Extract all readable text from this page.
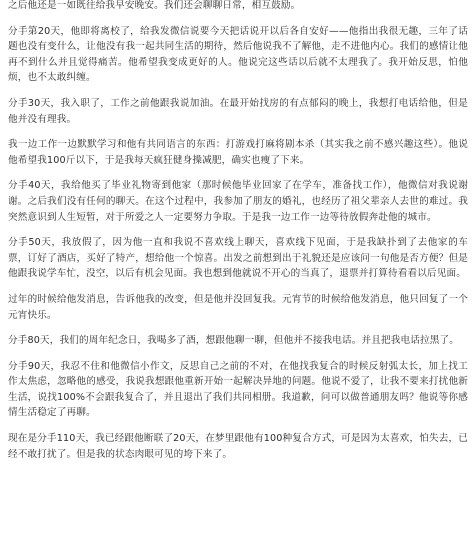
之后他还是一如既往给我早安晚安。我们还会聊聊日常，相互鼓励。

分手第20天，他即将离校了，给我发微信说要今天把话说开以后各自安好——他指出我很无趣，三年了话题也没有变什么，让他没有我一起共同生活的期待，然后他说我不了解他，走不进他内心。我们的感情让他再不到什么并且觉得痛苦。他希望我变成更好的人。他说完这些话以后就不太理我了。我开始反思，怕他烦，也不太敢纠缠。

分手30天，我入职了，工作之前他跟我说加油。在最开始找房的有点郁闷的晚上，我想打电话给他，但是他并没有理我。

我一边工作一边默默学习和他有共同语言的东西：打游戏打麻将剧本杀（其实我之前不感兴趣这些）。他说他希望我100斤以下，于是我每天疯狂健身操减肥，确实也瘦了下来。

分手40天，我给他买了毕业礼物寄到他家（那时候他毕业回家了在学车，准备找工作），他微信对我说谢谢。之后我们没有任何的聊天。在这个过程中，我参加了朋友的婚礼，也经历了祖父辈亲人去世的难过。我突然意识到人生短暂，对于所爱之人一定要努力争取。于是我一边工作一边等待放假奔赴他的城市。

分手50天，我放假了，因为他一直和我说不喜欢线上聊天，喜欢线下见面，于是我缺扑到了去他家的车票，订好了酒店，买好了特产，想给他一个惊喜。出发之前想到出于礼貌还是应该问一句他是否方便？但是他跟我说学车忙，没空，以后有机会见面。我也想到他就说不开心的当真了，退票并打算待看看以后见面。

过年的时候给他发消息，告诉他我的改变，但是他并没回复我。元宵节的时候给他发消息，他只回复了一个元宵快乐。

分手80天，我们的周年纪念日，我喝多了酒，想跟他聊一聊，但他并不接我电话。并且把我电话拉黑了。

分手90天，我忍不住和他微信小作文，反思自己之前的不对，在他找我复合的时候反射弧太长，加上找工作太焦虑，忽略他的感受，我说我想跟他重新开始一起解决异地的问题。他说不爱了，让我不要来打扰他新生活，说找100%不会跟我复合了，并且退出了我们共同相册。我道歉，问可以做普通朋友吗？他说等你感情生活稳定了再聊。

现在是分手110天，我已经跟他断联了20天，在梦里跟他有100种复合方式，可是因为太喜欢，怕失去，已经不敢打扰了。但是我的状态肉眼可见的垮下来了。
